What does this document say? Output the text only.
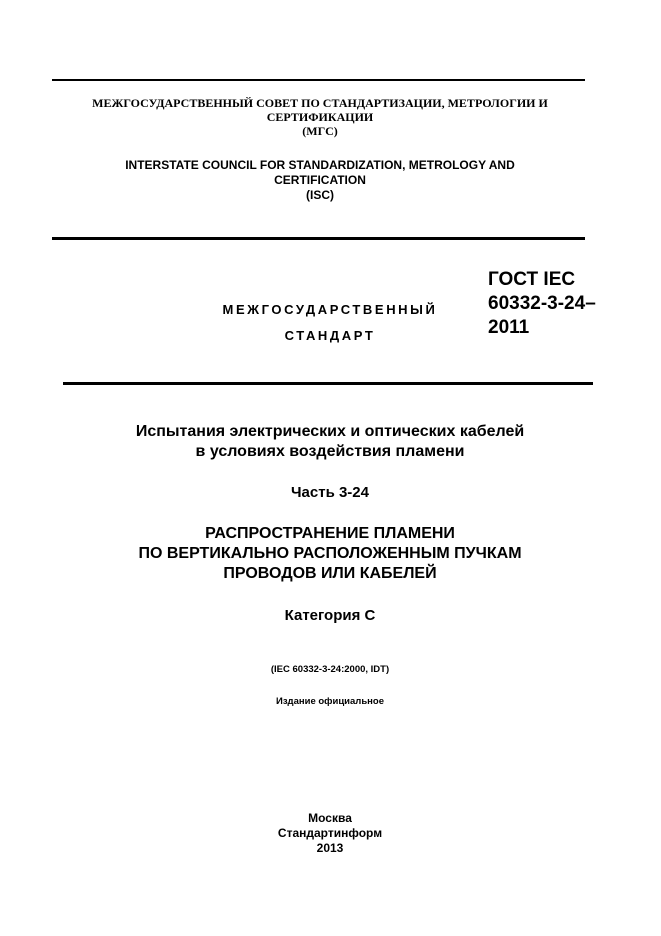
МЕЖГОСУДАРСТВЕННЫЙ СОВЕТ ПО СТАНДАРТИЗАЦИИ, МЕТРОЛОГИИ И
СЕРТИФИКАЦИИ
(МГС)
INTERSTATE COUNCIL FOR STANDARDIZATION, METROLOGY AND
CERTIFICATION
(ISC)
МЕЖГОСУДАРСТВЕННЫЙ
СТАНДАРТ
ГОСТ IEC
60332-3-24–
2011
Испытания электрических и оптических кабелей
в условиях воздействия пламени
Часть 3-24
РАСПРОСТРАНЕНИЕ ПЛАМЕНИ
ПО ВЕРТИКАЛЬНО РАСПОЛОЖЕННЫМ ПУЧКАМ
ПРОВОДОВ ИЛИ КАБЕЛЕЙ
Категория С
(IEC 60332-3-24:2000, IDT)
Издание официальное
Москва
Стандартинформ
2013
